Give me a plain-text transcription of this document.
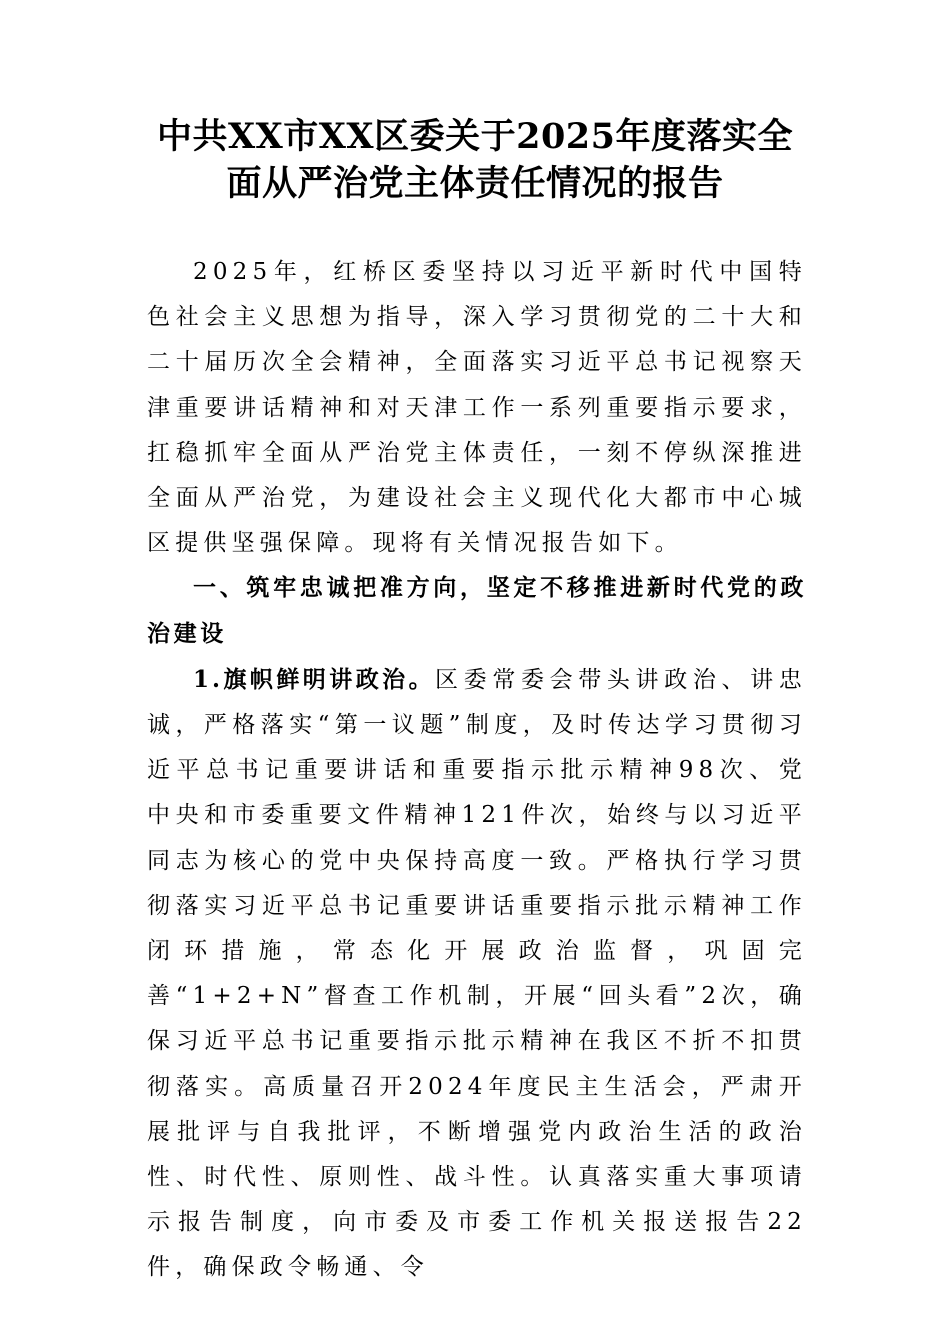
中共XX市XX区委关于2025年度落实全
面从严治党主体责任情况的报告

2025年，红桥区委坚持以习近平新时代中国特色社会主义思想为指导，深入学习贯彻党的二十大和二十届历次全会精神，全面落实习近平总书记视察天津重要讲话精神和对天津工作一系列重要指示要求，扛稳抓牢全面从严治党主体责任，一刻不停纵深推进全面从严治党，为建设社会主义现代化大都市中心城区提供坚强保障。现将有关情况报告如下。

一、筑牢忠诚把准方向，坚定不移推进新时代党的政治建设

1.旗帜鲜明讲政治。区委常委会带头讲政治、讲忠诚，严格落实“第一议题”制度，及时传达学习贯彻习近平总书记重要讲话和重要指示批示精神98次、党中央和市委重要文件精神121件次，始终与以习近平同志为核心的党中央保持高度一致。严格执行学习贯彻落实习近平总书记重要讲话重要指示批示精神工作闭环措施，常态化开展政治监督，巩固完善“1+2+N”督查工作机制，开展“回头看”2次，确保习近平总书记重要指示批示精神在我区不折不扣贯彻落实。高质量召开2024年度民主生活会，严肃开展批评与自我批评，不断增强党内政治生活的政治性、时代性、原则性、战斗性。认真落实重大事项请示报告制度，向市委及市委工作机关报送报告22件，确保政令畅通、令
